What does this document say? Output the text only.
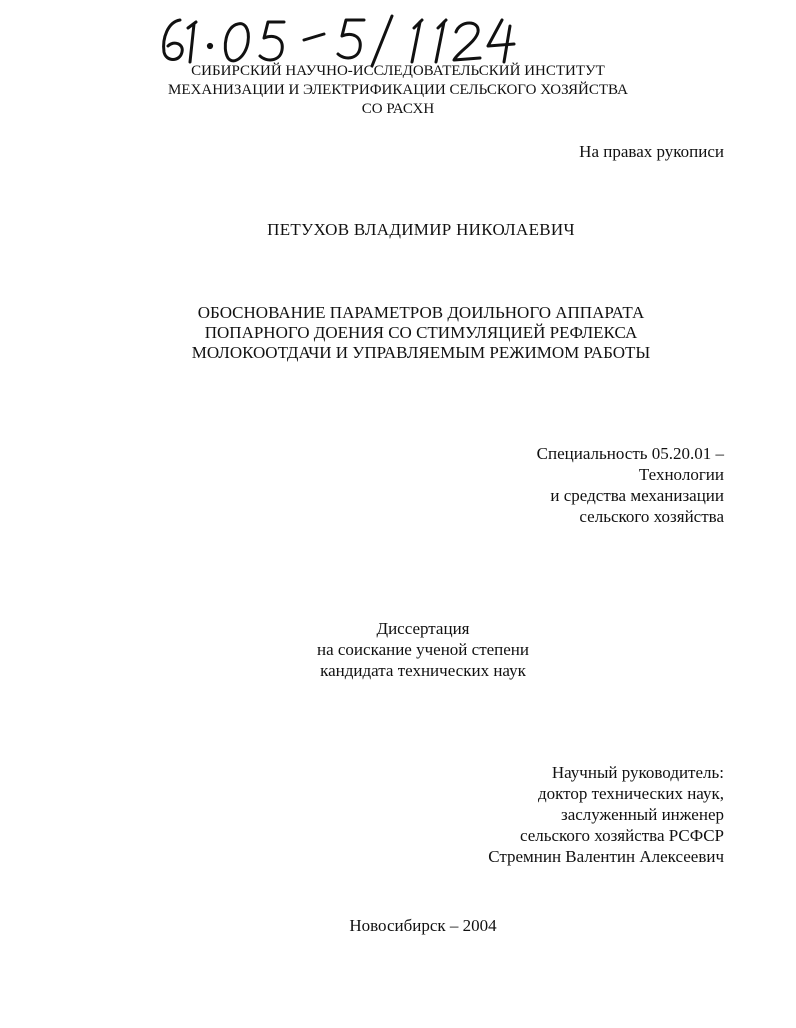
СИБИРСКИЙ НАУЧНО-ИССЛЕДОВАТЕЛЬСКИЙ ИНСТИТУТ
МЕХАНИЗАЦИИ И ЭЛЕКТРИФИКАЦИИ СЕЛЬСКОГО ХОЗЯЙСТВА
СО РАСХН
На правах рукописи
ПЕТУХОВ ВЛАДИМИР НИКОЛАЕВИЧ
ОБОСНОВАНИЕ ПАРАМЕТРОВ ДОИЛЬНОГО АППАРАТА
ПОПАРНОГО ДОЕНИЯ СО СТИМУЛЯЦИЕЙ РЕФЛЕКСА
МОЛОКООТДАЧИ И УПРАВЛЯЕМЫМ РЕЖИМОМ РАБОТЫ
Специальность 05.20.01 –
Технологии
и средства механизации
сельского хозяйства
Диссертация
на соискание ученой степени
кандидата технических наук
Научный руководитель:
доктор технических наук,
заслуженный инженер
сельского хозяйства РСФСР
Стремнин Валентин Алексеевич
Новосибирск – 2004
